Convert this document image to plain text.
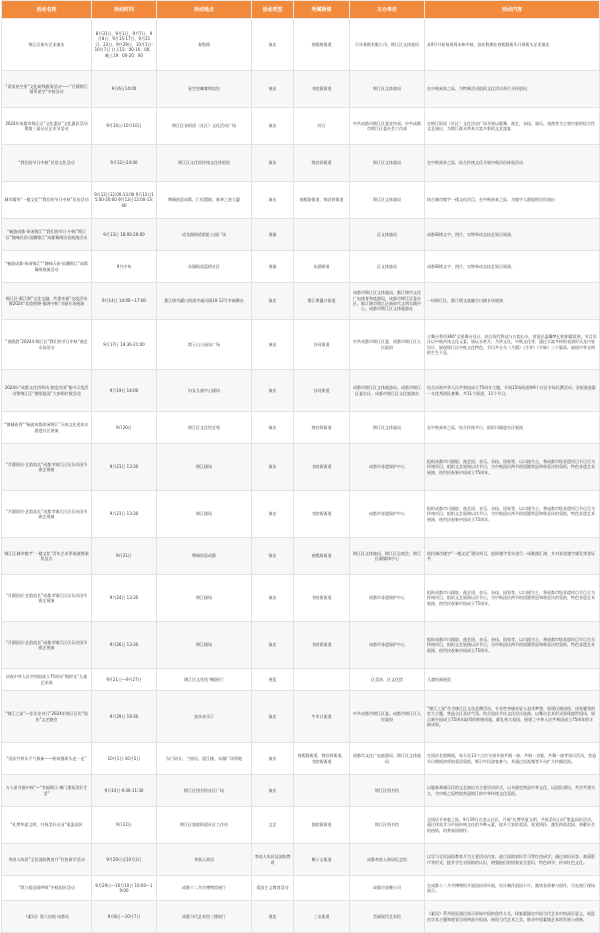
活动名称	活动时间	活动地点	活动类型	所属街道	主办单位	活动内容
锦江区街头艺术演出	8月31日、9月1日、9月7日、9月8日、9月15-17日、9月21日、22日、9月29日、10月1日-10月7日 白天15：00-16：00，晚上19：00-20：00	春熙路	演出	春熙路街道	百年春熙有限公司、锦江区文体旅局	从9月开始每周周末和中秋、国庆假期在春熙路街头开展街头艺术演出
“爱家星空里”文化助残服务活动——“月圆锦江情系星空”中秋活动	9月6日14:00	星空里咖啡烘焙坊	演出	书院街街道	锦江区文体旅局	在中秋到来之际，为特殊活动组织文化活动举行关怀慰问
2024年成都市锦江区“文化惠民”文化惠民活动暨第三届社区艺术节活动	9月10日-10月10日	锦江区各街道（社区）文化活动广场	演出	综合	中共成都市锦江区委宣传部、中共成都市锦江区委社会工作部	在锦江街道（社区）文化活动广场开展以歌舞、曲艺、杂技、器乐、戏曲等为主要内容的综合性文艺演出，为锦江群众带来丰富多彩的文艺盛宴
“我们的节日中秋”民俗文化活动	9月12日14:00	锦江区文化馆传统文化体验馆	演出	锦官驿街道	锦江区文体旅局	在中秋到来之际，结合传统文化开展中秋民俗体验活动
城市精华“一楼文化”“我们的节日中秋”民俗活动	9月12日12:00-13:00 9月12日15:00-20:00 9月13日12:00-13:00	博瑞创意成都、仁恒置地、新华之星大厦	演出	春熙路街道、锦官驿街道	锦江区文体旅局	结合城市楼宇一楼文化项目，在中秋到来之际，为楼宇人群提供民俗演出
“畅游成都·休闲锦江”“我们的节日·中秋”锦江区“趣味民俗·国潮锦江”成都蜀绣民俗展演活动	9月13日 18:00-20:00	成龙路街道彩虹公园广场	展演		区文体旅局	成都蜀绣文字、图片、实物和动态技艺展示展演。
“畅游成都·休闲锦江”“趣味天府·国潮锦江”成都蜀绣展演活动	9月中旬	东湖街道蓝桥社区	展演	东湖街道	区文体旅局	成都蜀绣文字、图片、实物和动态技艺展示展演。
锦江区·都江堰“文化交融，共建幸福”交流活动暨2024“非遗相聚·情满中秋”川剧专场展演	9月14日 14:00—17:00	都江堰市灌口街道幸福河路10-12号幸福舞台	演出	都江堰灌口街道	成都市锦江区文体旅局、都江堰市文化广电体育和旅游局，成都市锦江区委社区、都江堰市锦江区新时代文明实践中心、成都市锦江区文体旅游办	一场锦江区、都江堰文旅融合川剧专场展演
“春熙韵”2024年锦江区“我们的节日中秋”曲艺专场活动	9月17日 19:30-21:00	塔子山公园东广场	演出	沙河街道	中共成都市锦江区委、成都市锦江区人民政府	主舞台利用360°全景舞台设计，结合现代科技与古韵山水，营造出温馨梦幻的团圆氛围。节目设计以中秋传统文化元素，如玩水赏月、月饼文化、中秋文化等，通过丰富多样的表演形式及内容设计，展现锦江区中秋文化特色，节目共分为《月圆》《月华》《月辉》三个篇章，展现中华文明的生生不息。
2024年“成都文化四季风·欢度庆国”集中示范活动暨锦江区“歌唱祖国”大家唱红歌活动	9月19日 14:00	妇女儿童中心剧场	演出	沙河街道	成都市锦江区文体旅游局、成都市锦江区委社区、成都市锦江区文化旅游办	结合庆祝中华人民共和国成立75周年主题，开展15场街道和9个社区专场比赛活动，各街道选派一支优秀团队参赛，共11个街道，11个节目。
“锦城看秀”“畅游成都休闲锦江”天府文化苑来川剧进社区展演	9月20日	锦江区文化馆艺苑	演出	锦官驿街道	锦江区文体旅局	在中秋到来之际，结合传统节日，组织川剧进社区展演
“月圆国庆·艺韵流长”成都市锦江区民乐庆国节曲艺展演	9月21日 13:30	锦江剧场	演出	书院街街道	成都市非遗保护中心	组织成都市川剧院、曲艺团、音乐、杂技、国家等，以川剧为主，将成都市级非遗项目节目合为传统项目，组织文艺展演以庆节日，为中秋国庆两节的团圆营造和谐喜庆的氛围，特色非遗艺术展演，热烈庆祝新中国成立75周年。
“月圆国庆·艺韵流长”成都市锦江区民乐庆国节曲艺展演	9月21日 13:30	锦江剧场	演出	书院街街道	成都市非遗保护中心	组织成都市川剧院、曲艺团、音乐、杂技、国家等，以川剧为主，将成都市级非遗项目节目合为传统项目，组织文艺展演以庆节日，为中秋国庆两节的团圆营造和谐喜庆的氛围，特色非遗艺术展演，热烈庆祝新中国成立75周年。
锦江区城市楼宇“一楼文化”青年艺术季展演暨颁奖仪式	9月21日	博瑞创意成都	演出	春熙路街道	锦江区文体旅局、锦江区总商会、锦江区融媒体中心	依托城市楼宇“一楼文化”建设项目，组织楼宇青年进行一场歌曲汇演，并对获奖楼宇颁发荣誉证书
“月圆国庆·艺韵流长”成都市锦江区民乐庆国节曲艺展演	9月24日 13:30	锦江剧场	演出	书院街街道	成都市非遗保护中心	组织成都市川剧院、曲艺团、音乐、杂技、国家等，以川剧为主，将成都市级非遗项目节目合为传统项目，组织文艺展演以庆节日，为中秋国庆两节的团圆营造和谐喜庆的氛围，特色非遗艺术展演，热烈庆祝新中国成立75周年。
“月圆国庆·艺韵流长”成都市锦江区民乐庆国节曲艺展演	9月26日 13:30	锦江剧场	演出	书院街街道	成都市非遗保护中心	组织成都市川剧院、曲艺团、音乐、杂技、国家等，以川剧为主，将成都市级非遗项目节目合为传统项目，组织文艺展演以庆节日，为中秋国庆两节的团圆营造和谐喜庆的氛围，特色非遗艺术展演，热烈庆祝新中国成立75周年。
庆祝中华人民共和国成立75周年“拥时光”儿童艺术展	9月21日—9月27日	锦江区文化馆 9楼展厅	展览		区美协、区文化馆	儿童绘画展览
“锦江之星”—非民龙舟行”2024年锦江区庆“国庆”文艺晚会	9月29日 19:30	金沙音乐厅	演出	牛市口街道	中共成都市锦江区委、成都市锦江区人民政府	“锦江之星”作为锦江区文化品牌活动，专业性突破年轻人追求梦想，展现民族团结、国家繁荣的宏大主题，营造全区喜庆气氛。结合国庆节庆文化设计选曲，以舞台艺术形式展现盛世国风，展示新中国成立75周年取得的辉煌成就，献礼伟大祖国，展现了中华人民共和国成立75周年的丰硕成果。
“国庆共欢乐千气象新——购成都街头走一走”	10月1日-10月5日	东门码头、兰桂坊、望江楼、东湖广场等地	演出	春熙路街道、锦官驿街道、书院街街道	成都市文化广电旅游局、锦江区文体旅局	在国庆长假期间，每天在13个点位分别开展共唱一曲、共唱一首歌、共舞一曲等快闪活动，营造节日期间浓厚的爱国氛围，吸引市民游客参与，并通过短视频等平台扩大传播范围。
万人景开描中秋”—“幸福锦江·樟门建筑美好生活”	9月14日 9:30-11:30	锦江区图书馆社区广场	演出		锦江区图书馆	以服务乘城乐民的文艺演出为主要活动形式，以书画型营造中华文化，以团队建设，共学共建为主，为中秋之际特别营造锦江的中华传统文化氛围。
“礼赞华夏文明，共筑美好山河”重温国庆	9月22日	锦江区督院街道社区工作站	文艺	督院街街道	锦江区图书馆	全国庆节来临之际，9月29日在金云社区，开展“礼赞华夏文明，共筑美好山河”重温国庆活动，通过体验学习中国传统文化的多种元素，提升大家的爱国、爱党情怀，激发热爱祖国、奉献社会的热情，培养家国情怀。
李劼人故居“全民国防教育月”红色研学活动	9月20日至10月3日	李劼人故居	李劼人故居及国防教育	狮子山街道	成都李劼人故居纪念馆	以学习全民国防教育月为主要活动内容，进行国防知识学习等红色研学。通过知识问答、观看影片等形式，提升学生对国防的认识，增强他们的国家安全意识，特色研学，传承红色文化。
“我与祖国同呼吸”中秋国庆活动	9月29日—10月10日 10:00—19:00	成都十二月市博物馆展厅	爱国主义教育活动		成都市金鹰公司	在成都十二月市博物馆开展国庆周年展，设计制作祖国卡片，邀请各界参与创作，可在展厅现场展示。
《素问》第六回展 成都站	9月8日—10月7日	成都当代艺术馆三楼展厅	展览	三圣街道	美丽现代艺术馆	《素问》系列展览通过展示原始中国的创作方式，探索素描在中国当代艺术中的深层意义，展览由学术主题和视觉呈现两部分组成，展现当代艺术之美，推动中国素描艺术的发展与创新。
